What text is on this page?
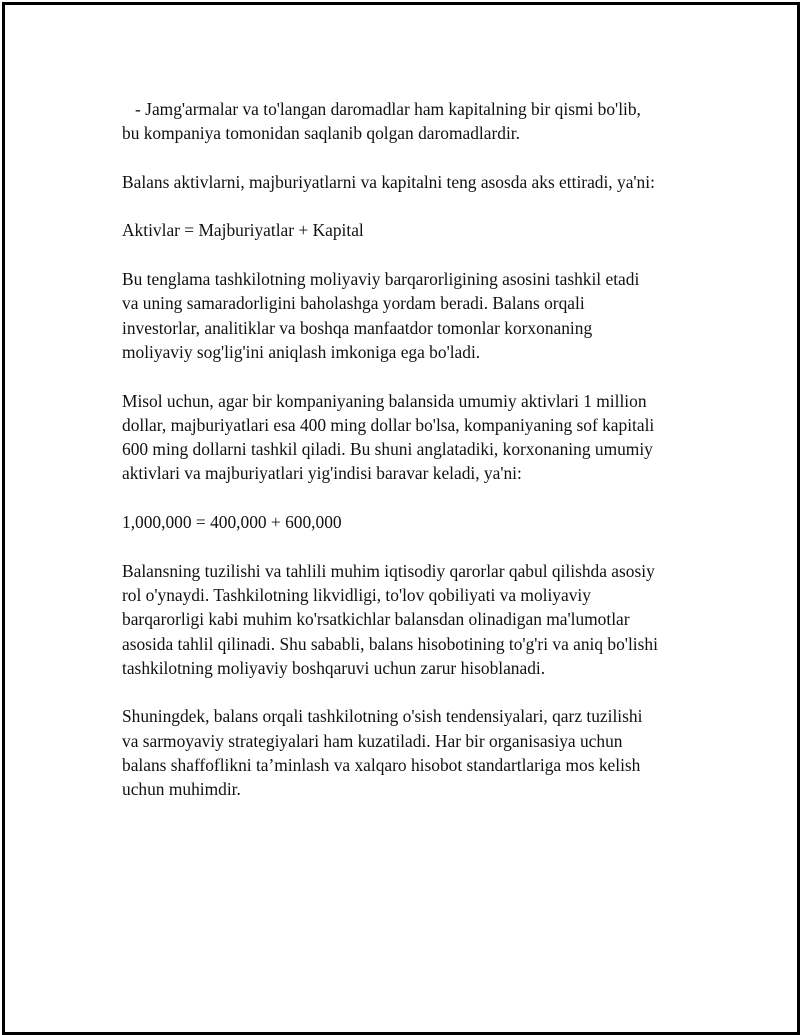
- Jamg'armalar va to'langan daromadlar ham kapitalning bir qismi bo'lib,
bu kompaniya tomonidan saqlanib qolgan daromadlardir.

Balans aktivlarni, majburiyatlarni va kapitalni teng asosda aks ettiradi, ya'ni:

Aktivlar = Majburiyatlar + Kapital

Bu tenglama tashkilotning moliyaviy barqarorligining asosini tashkil etadi
va uning samaradorligini baholashga yordam beradi. Balans orqali
investorlar, analitiklar va boshqa manfaatdor tomonlar korxonaning
moliyaviy sog'lig'ini aniqlash imkoniga ega bo'ladi.

Misol uchun, agar bir kompaniyaning balansida umumiy aktivlari 1 million
dollar, majburiyatlari esa 400 ming dollar bo'lsa, kompaniyaning sof kapitali
600 ming dollarni tashkil qiladi. Bu shuni anglatadiki, korxonaning umumiy
aktivlari va majburiyatlari yig'indisi baravar keladi, ya'ni:

1,000,000 = 400,000 + 600,000

Balansning tuzilishi va tahlili muhim iqtisodiy qarorlar qabul qilishda asosiy
rol o'ynaydi. Tashkilotning likvidligi, to'lov qobiliyati va moliyaviy
barqarorligi kabi muhim ko'rsatkichlar balansdan olinadigan ma'lumotlar
asosida tahlil qilinadi. Shu sababli, balans hisobotining to'g'ri va aniq bo'lishi
tashkilotning moliyaviy boshqaruvi uchun zarur hisoblanadi.

Shuningdek, balans orqali tashkilotning o'sish tendensiyalari, qarz tuzilishi
va sarmoyaviy strategiyalari ham kuzatiladi. Har bir organisasiya uchun
balans shaffoflikni ta’minlash va xalqaro hisobot standartlariga mos kelish
uchun muhimdir.
